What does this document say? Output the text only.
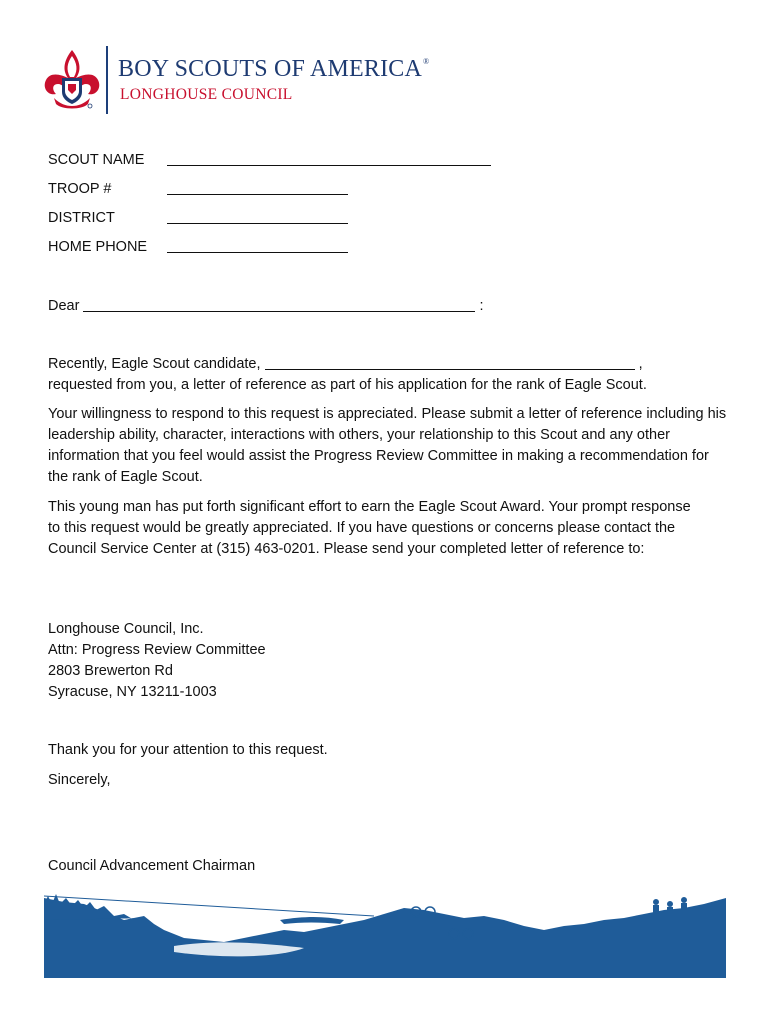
BOY SCOUTS OF AMERICA®
LONGHOUSE COUNCIL
SCOUT NAME
TROOP #
DISTRICT
HOME PHONE
Dear	:
Recently, Eagle Scout candidate,	,
requested from you, a letter of reference as part of his application for the rank of Eagle Scout.
Your willingness to respond to this request is appreciated. Please submit a letter of reference including his leadership ability, character, interactions with others, your relationship to this Scout and any other information that you feel would assist the Progress Review Committee in making a recommendation for the rank of Eagle Scout.
This young man has put forth significant effort to earn the Eagle Scout Award. Your prompt response to this request would be greatly appreciated. If you have questions or concerns please contact the Council Service Center at (315) 463-0201. Please send your completed letter of reference to:
Longhouse Council, Inc.
Attn: Progress Review Committee
2803 Brewerton Rd
Syracuse, NY 13211-1003
Thank you for your attention to this request.
Sincerely,
Council Advancement Chairman
